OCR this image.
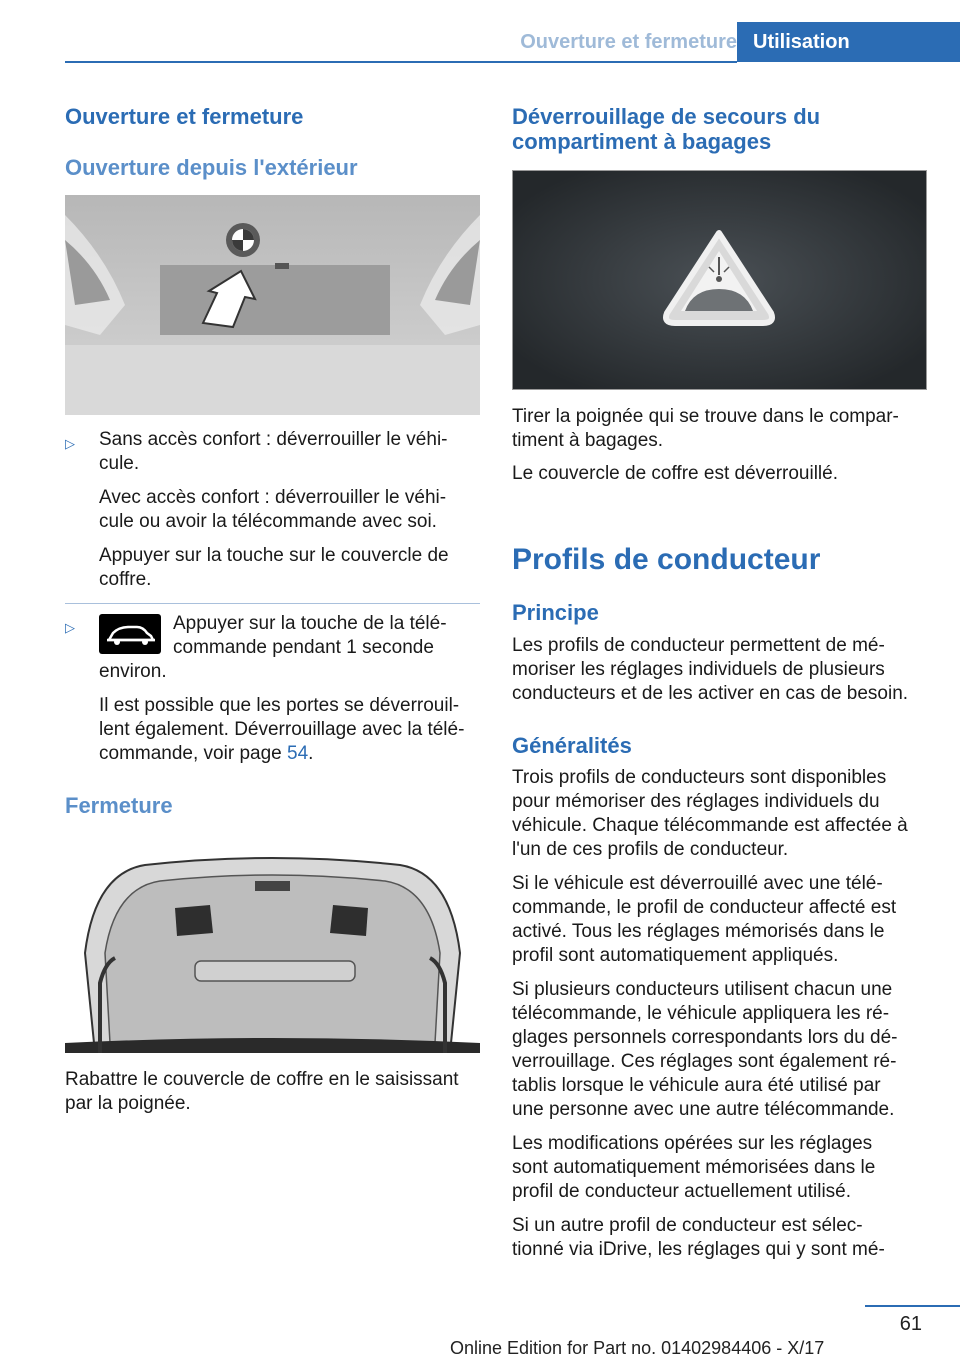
Ouverture et fermeture Utilisation
Ouverture et fermeture
Ouverture depuis l'extérieur
▷ Sans accès confort : déverrouiller le véhi‐

cule.

Avec accès confort : déverrouiller le véhi‐

cule ou avoir la télécommande avec soi.

Appuyer sur la touche sur le couvercle de

coffre.

▷	Appuyer sur la touche de la télé‐

commande pendant 1 seconde

environ.

Il est possible que les portes se déverrouil‐

lent également. Déverrouillage avec la télé‐

commande, voir page 54.

Fermeture

Rabattre le couvercle de coffre en le saisissant

par la poignée.

Déverrouillage de secours du
compartiment à bagages

Tirer la poignée qui se trouve dans le compar‐

timent à bagages.

Le couvercle de coffre est déverrouillé.

Profils de conducteur
Principe

Les profils de conducteur permettent de mé‐

moriser les réglages individuels de plusieurs

conducteurs et de les activer en cas de besoin.

Généralités

Trois profils de conducteurs sont disponibles

pour mémoriser des réglages individuels du

véhicule. Chaque télécommande est affectée à

l'un de ces profils de conducteur.

Si le véhicule est déverrouillé avec une télé‐

commande, le profil de conducteur affecté est

activé. Tous les réglages mémorisés dans le

profil sont automatiquement appliqués.

Si plusieurs conducteurs utilisent chacun une

télécommande, le véhicule appliquera les ré‐

glages personnels correspondants lors du dé‐

verrouillage. Ces réglages sont également ré‐

tablis lorsque le véhicule aura été utilisé par

une personne avec une autre télécommande.

Les modifications opérées sur les réglages

sont automatiquement mémorisées dans le

profil de conducteur actuellement utilisé.

Si un autre profil de conducteur est sélec‐

tionné via iDrive, les réglages qui y sont mé‐

61
Online Edition for Part no. 01402984406 - X/17
